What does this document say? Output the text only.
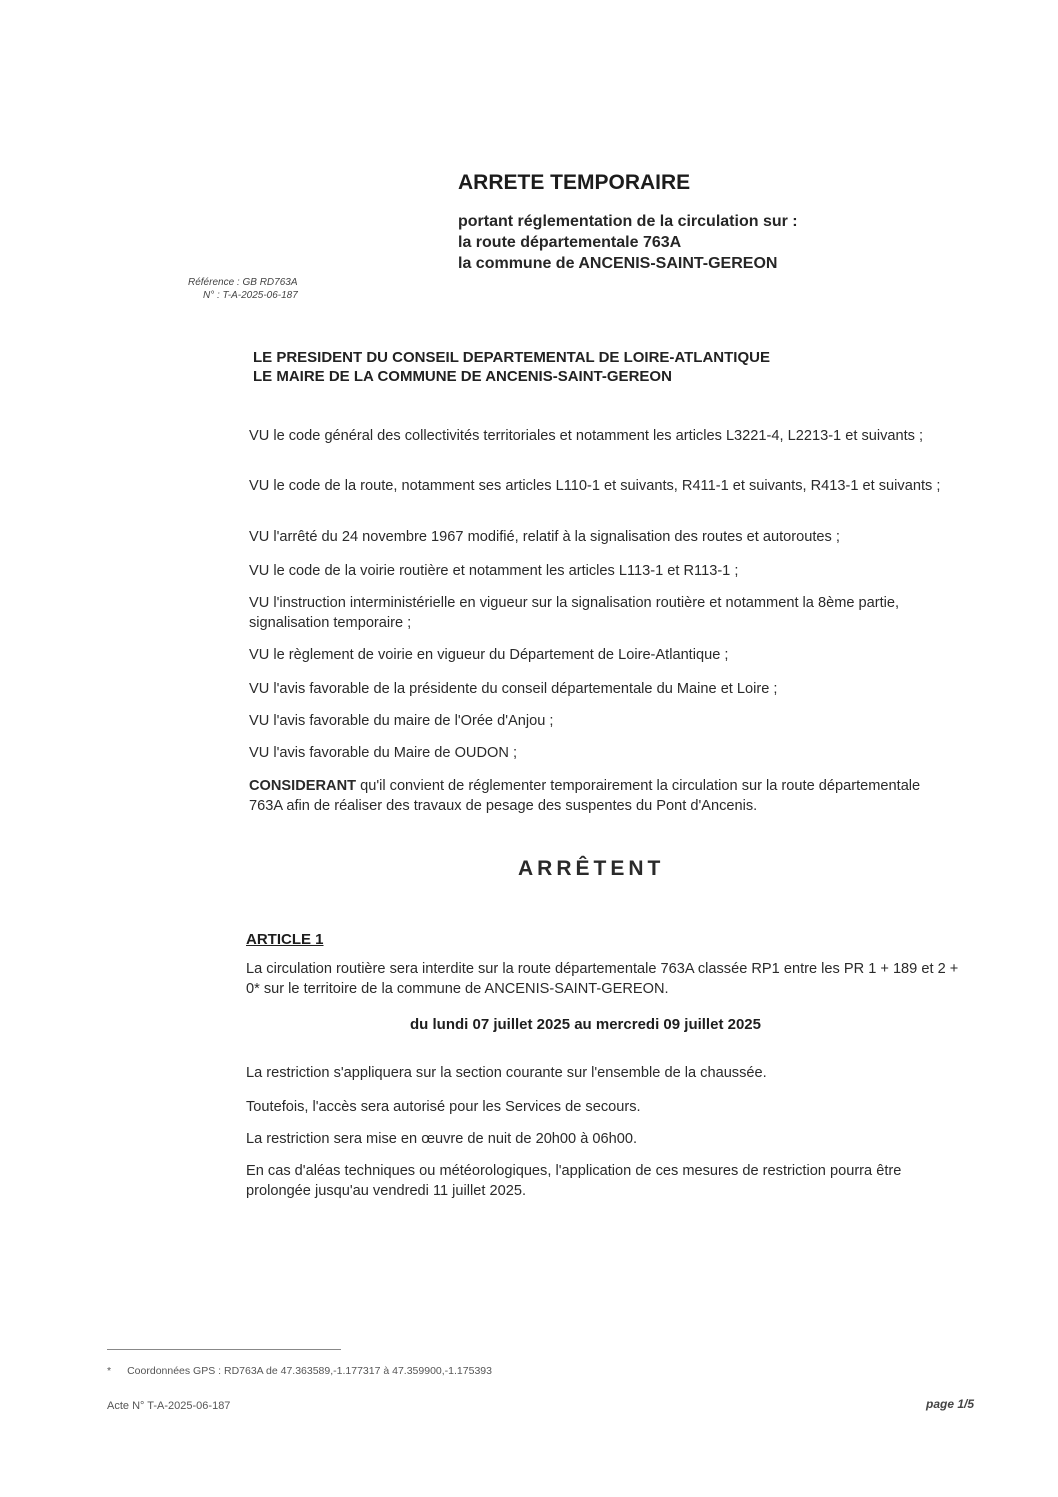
ARRETE TEMPORAIRE
portant réglementation de la circulation sur :
la route départementale 763A
la commune de ANCENIS-SAINT-GEREON
Référence : GB RD763A
N° : T-A-2025-06-187
LE PRESIDENT DU CONSEIL DEPARTEMENTAL DE LOIRE-ATLANTIQUE
LE MAIRE DE LA COMMUNE DE ANCENIS-SAINT-GEREON
VU le code général des collectivités territoriales et notamment les articles L3221-4, L2213-1 et suivants ;
VU le code de la route, notamment ses articles L110-1 et suivants, R411-1 et suivants, R413-1 et suivants ;
VU l'arrêté du 24 novembre 1967 modifié, relatif à la signalisation des routes et autoroutes ;
VU le code de la voirie routière et notamment les articles L113-1 et R113-1 ;
VU l'instruction interministérielle en vigueur sur la signalisation routière et notamment la 8ème partie, signalisation temporaire ;
VU le règlement de voirie en vigueur du Département de Loire-Atlantique ;
VU l'avis favorable de la présidente du conseil départementale du Maine et Loire ;
VU l'avis favorable du maire de l'Orée d'Anjou ;
VU l'avis favorable du Maire de OUDON ;
CONSIDERANT qu'il convient de réglementer temporairement la circulation sur la route départementale 763A afin de réaliser des travaux de pesage des suspentes du Pont d'Ancenis.
ARRÊTENT
ARTICLE 1
La circulation routière sera interdite sur la route départementale 763A classée RP1 entre les PR 1 + 189 et 2 + 0* sur le territoire de la commune de ANCENIS-SAINT-GEREON.
du lundi 07 juillet 2025 au mercredi 09 juillet 2025
La restriction s'appliquera sur la section courante sur l'ensemble de la chaussée.
Toutefois, l'accès sera autorisé pour les Services de secours.
La restriction sera mise en œuvre de nuit de 20h00 à 06h00.
En cas d'aléas techniques ou météorologiques, l'application de ces mesures de restriction pourra être prolongée jusqu'au vendredi 11 juillet 2025.
* Coordonnées GPS : RD763A de 47.363589,-1.177317 à 47.359900,-1.175393
Acte N° T-A-2025-06-187	page 1/5
